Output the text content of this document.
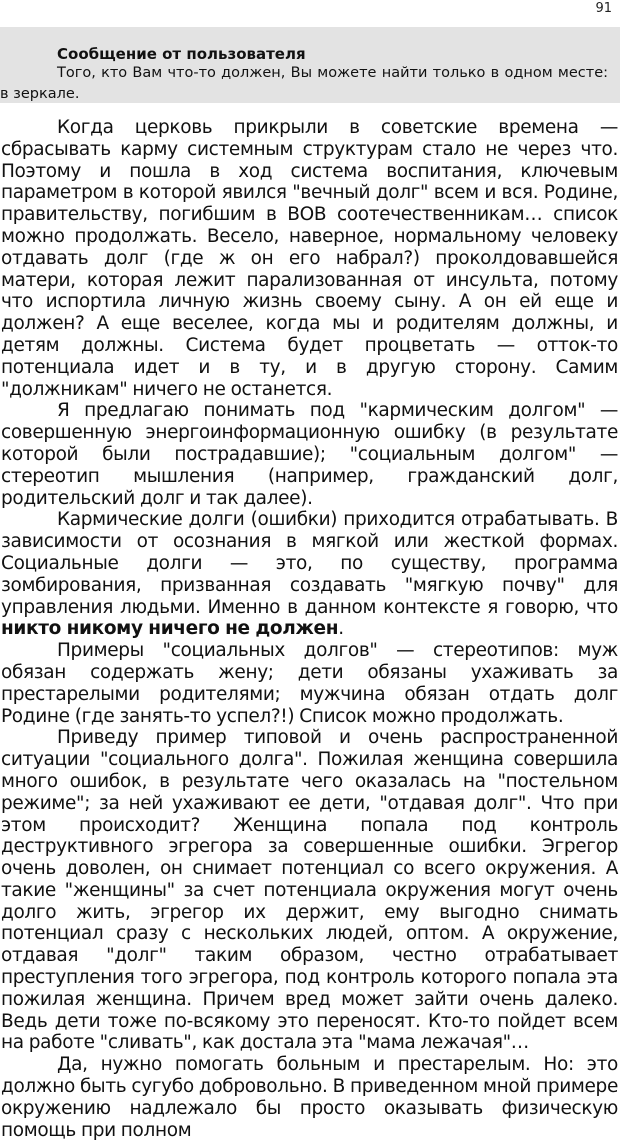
91
Сообщение от пользователя
Того, кто Вам что-то должен, Вы можете найти только в одном месте: в зеркале.

Когда церковь прикрыли в советские времена — сбрасывать карму системным структурам стало не через что. Поэтому и пошла в ход система воспитания, ключевым параметром в которой явился "вечный долг" всем и вся. Родине, правительству, погибшим в ВОВ соотечественникам… список можно продолжать. Весело, наверное, нормальному человеку отдавать долг (где ж он его набрал?) проколдовавшейся матери, которая лежит парализованная от инсульта, потому что испортила личную жизнь своему сыну. А он ей еще и должен? А еще веселее, когда мы и родителям должны, и детям должны. Система будет процветать — отток-то потенциала идет и в ту, и в другую сторону. Самим "должникам" ничего не останется.

Я предлагаю понимать под "кармическим долгом" — совершенную энергоинформационную ошибку (в результате которой были пострадавшие); "социальным долгом" — стереотип мышления (например, гражданский долг, родительский долг и так далее).

Кармические долги (ошибки) приходится отрабатывать. В зависимости от осознания в мягкой или жесткой формах. Социальные долги — это, по существу, программа зомбирования, призванная создавать "мягкую почву" для управления людьми. Именно в данном контексте я говорю, что никто никому ничего не должен.

Примеры "социальных долгов" — стереотипов: муж обязан содержать жену; дети обязаны ухаживать за престарелыми родителями; мужчина обязан отдать долг Родине (где занять-то успел?!) Список можно продолжать.

Приведу пример типовой и очень распространенной ситуации "социального долга". Пожилая женщина совершила много ошибок, в результате чего оказалась на "постельном режиме"; за ней ухаживают ее дети, "отдавая долг". Что при этом происходит? Женщина попала под контроль деструктивного эгрегора за совершенные ошибки. Эгрегор очень доволен, он снимает потенциал со всего окружения. А такие "женщины" за счет потенциала окружения могут очень долго жить, эгрегор их держит, ему выгодно снимать потенциал сразу с нескольких людей, оптом. А окружение, отдавая "долг" таким образом, честно отрабатывает преступления того эгрегора, под контроль которого попала эта пожилая женщина. Причем вред может зайти очень далеко. Ведь дети тоже по-всякому это переносят. Кто-то пойдет всем на работе "сливать", как достала эта "мама лежачая"…

Да, нужно помогать больным и престарелым. Но: это должно быть сугубо добровольно. В приведенном мной примере окружению надлежало бы просто оказывать физическую помощь при полном
